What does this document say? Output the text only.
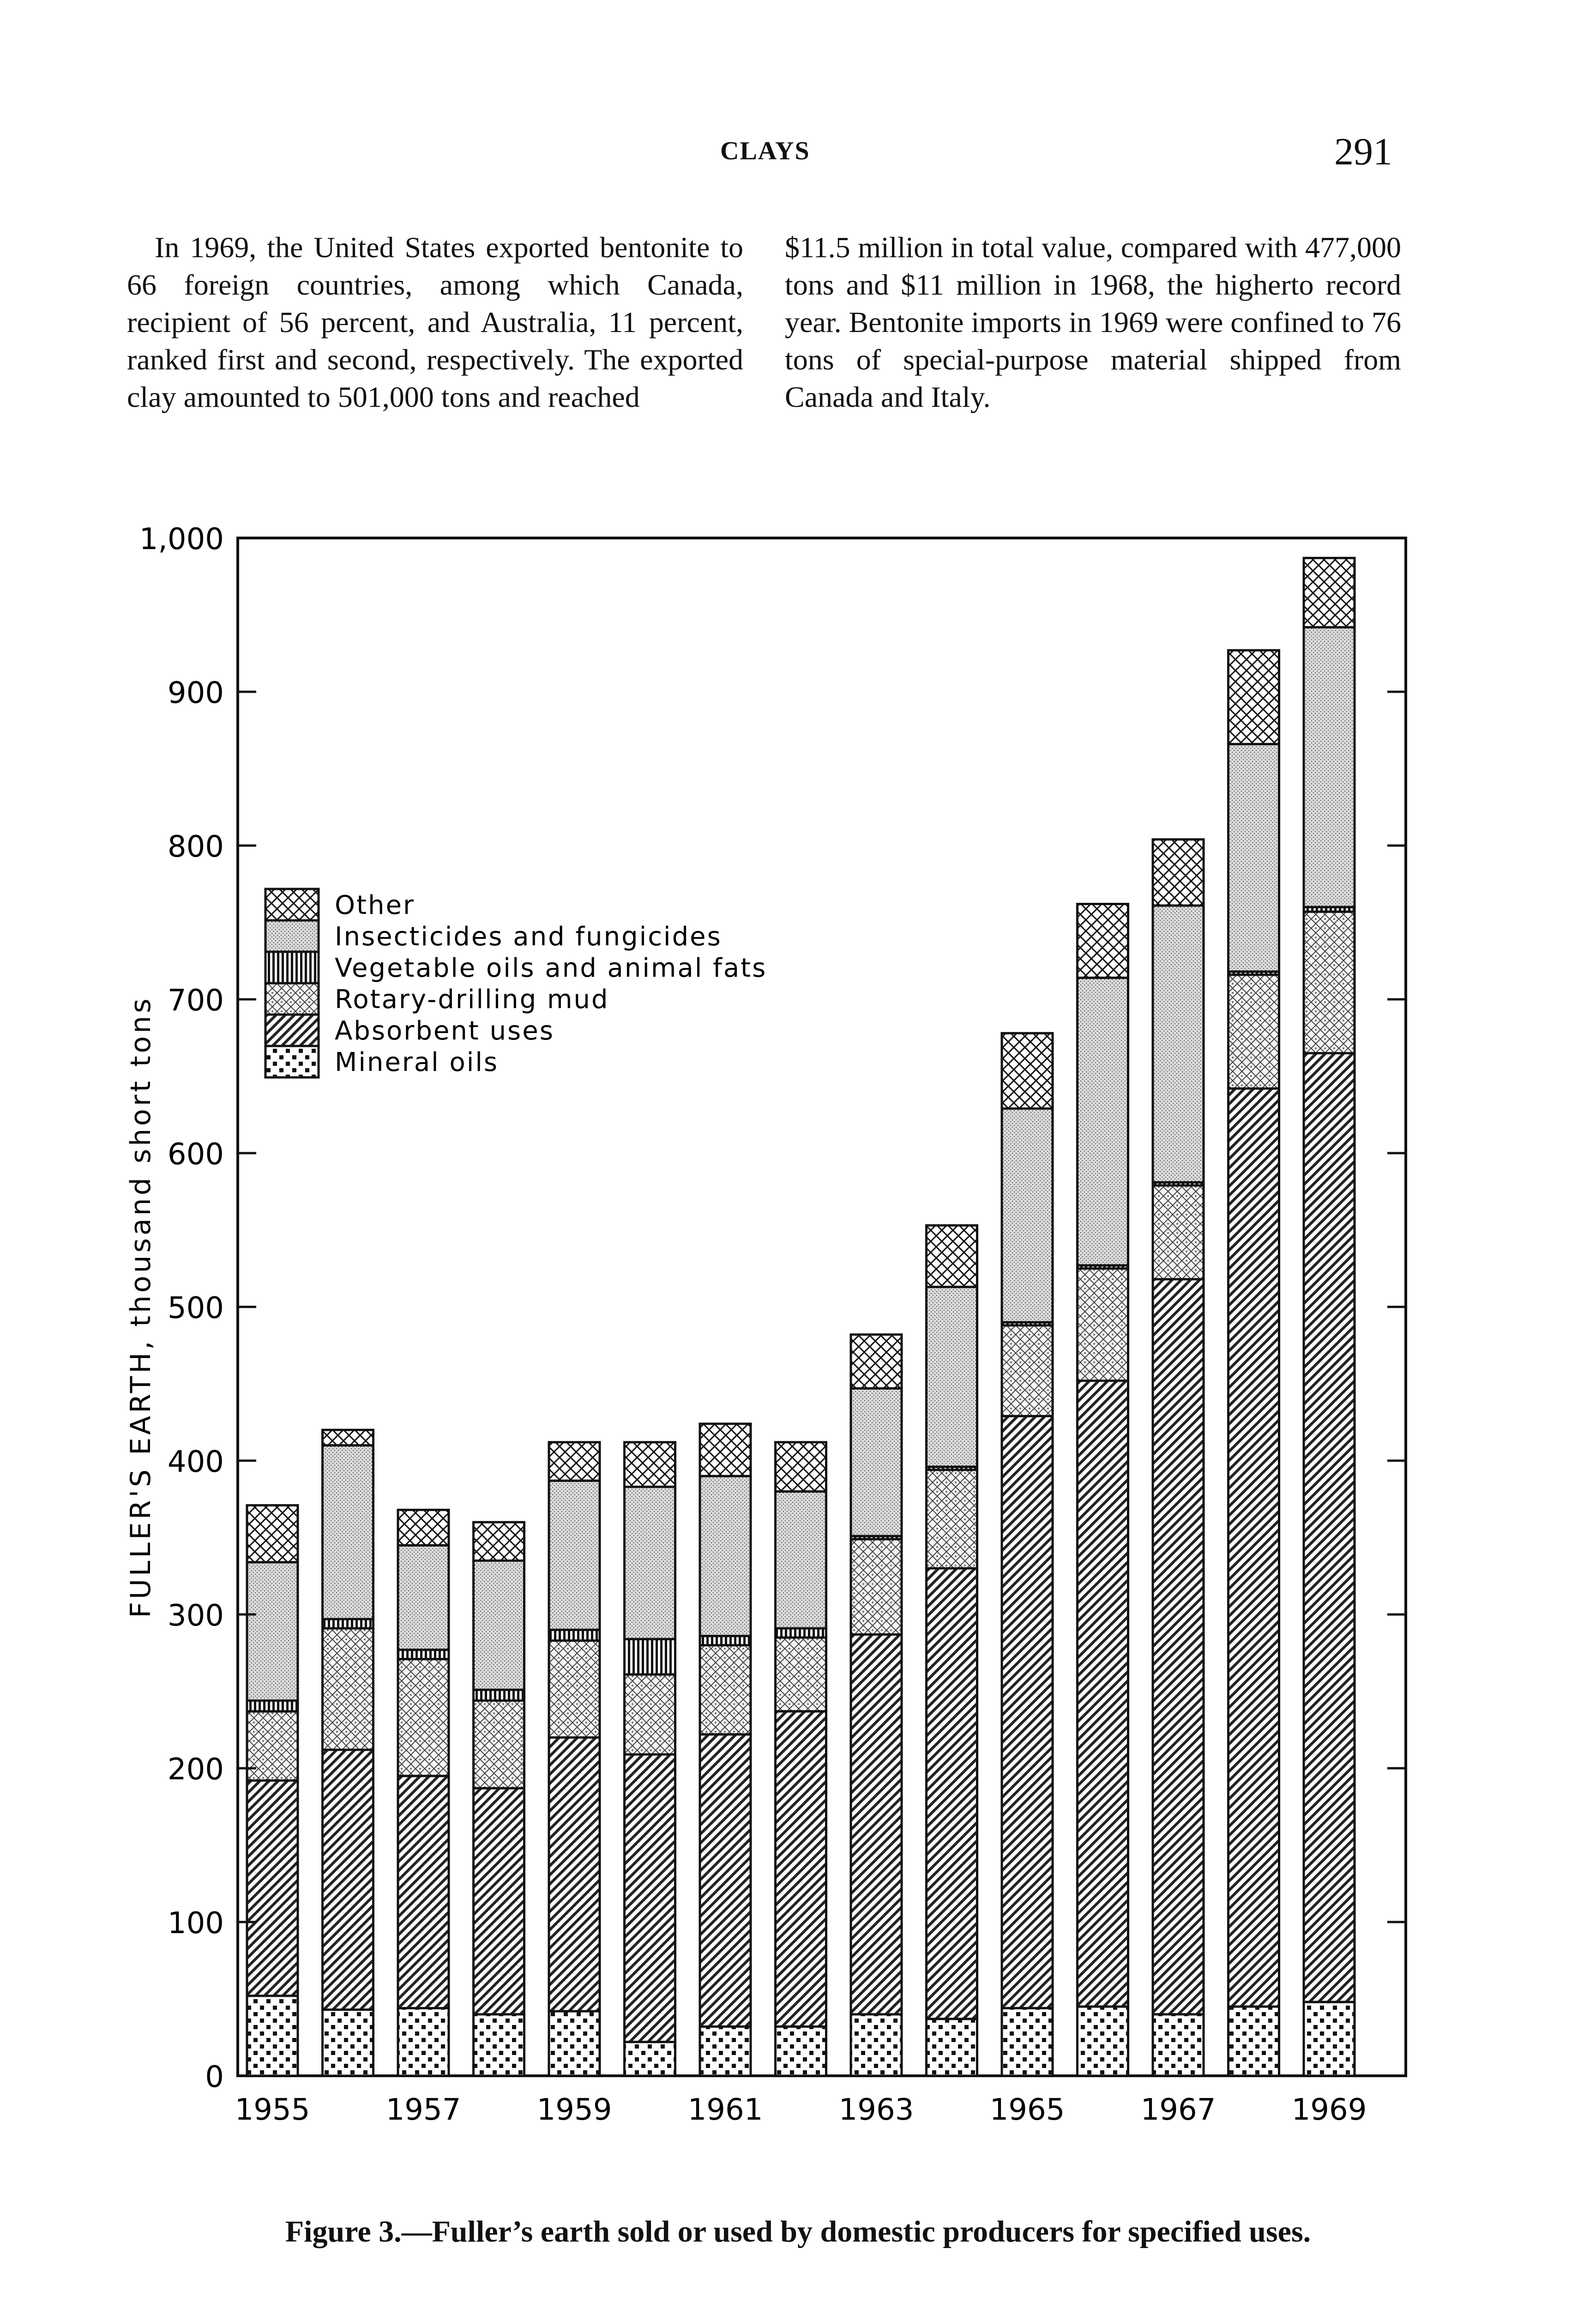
CLAYS	291
In 1969, the United States exported bentonite to 66 foreign countries, among which Canada, recipient of 56 percent, and Australia, 11 percent, ranked first and second, respectively. The exported clay amounted to 501,000 tons and reached
$11.5 million in total value, compared with 477,000 tons and $11 million in 1968, the higherto record year. Bentonite imports in 1969 were confined to 76 tons of special-purpose material shipped from Canada and Italy.
0
100
200
300
400
500
600
700
800
900
1,000
1955	1957	1959	1961	1963	1965	1967	1969
FULLER'S EARTH, thousand short tons
Other
Insecticides and fungicides
Vegetable oils and animal fats
Rotary-drilling mud
Absorbent uses
Mineral oils
Figure 3.—Fuller’s earth sold or used by domestic producers for specified uses.
